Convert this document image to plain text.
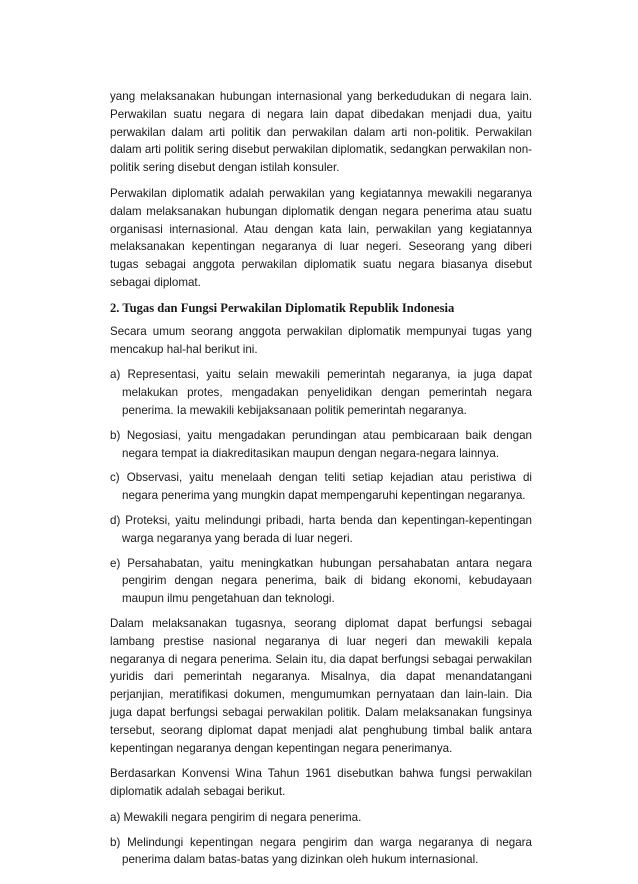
yang melaksanakan hubungan internasional yang berkedudukan di negara lain. Perwakilan suatu negara di negara lain dapat dibedakan menjadi dua, yaitu perwakilan dalam arti politik dan perwakilan dalam arti non-politik. Perwakilan dalam arti politik sering disebut perwakilan diplomatik, sedangkan perwakilan non-politik sering disebut dengan istilah konsuler.

Perwakilan diplomatik adalah perwakilan yang kegiatannya mewakili negaranya dalam melaksanakan hubungan diplomatik dengan negara penerima atau suatu organisasi internasional. Atau dengan kata lain, perwakilan yang kegiatannya melaksanakan kepentingan negaranya di luar negeri. Seseorang yang diberi tugas sebagai anggota perwakilan diplomatik suatu negara biasanya disebut sebagai diplomat.

2. Tugas dan Fungsi Perwakilan Diplomatik Republik Indonesia

Secara umum seorang anggota perwakilan diplomatik mempunyai tugas yang mencakup hal-hal berikut ini.

a) Representasi, yaitu selain mewakili pemerintah negaranya, ia juga dapat melakukan protes, mengadakan penyelidikan dengan pemerintah negara penerima. Ia mewakili kebijaksanaan politik pemerintah negaranya.
b) Negosiasi, yaitu mengadakan perundingan atau pembicaraan baik dengan negara tempat ia diakreditasikan maupun dengan negara-negara lainnya.
c) Observasi, yaitu menelaah dengan teliti setiap kejadian atau peristiwa di negara penerima yang mungkin dapat mempengaruhi kepentingan negaranya.
d) Proteksi, yaitu melindungi pribadi, harta benda dan kepentingan-kepentingan warga negaranya yang berada di luar negeri.
e) Persahabatan, yaitu meningkatkan hubungan persahabatan antara negara pengirim dengan negara penerima, baik di bidang ekonomi, kebudayaan maupun ilmu pengetahuan dan teknologi.

Dalam melaksanakan tugasnya, seorang diplomat dapat berfungsi sebagai lambang prestise nasional negaranya di luar negeri dan mewakili kepala negaranya di negara penerima. Selain itu, dia dapat berfungsi sebagai perwakilan yuridis dari pemerintah negaranya. Misalnya, dia dapat menandatangani perjanjian, meratifikasi dokumen, mengumumkan pernyataan dan lain-lain. Dia juga dapat berfungsi sebagai perwakilan politik. Dalam melaksanakan fungsinya tersebut, seorang diplomat dapat menjadi alat penghubung timbal balik antara kepentingan negaranya dengan kepentingan negara penerimanya.

Berdasarkan Konvensi Wina Tahun 1961 disebutkan bahwa fungsi perwakilan diplomatik adalah sebagai berikut.

a) Mewakili negara pengirim di negara penerima.
b) Melindungi kepentingan negara pengirim dan warga negaranya di negara penerima dalam batas-batas yang dizinkan oleh hukum internasional.
